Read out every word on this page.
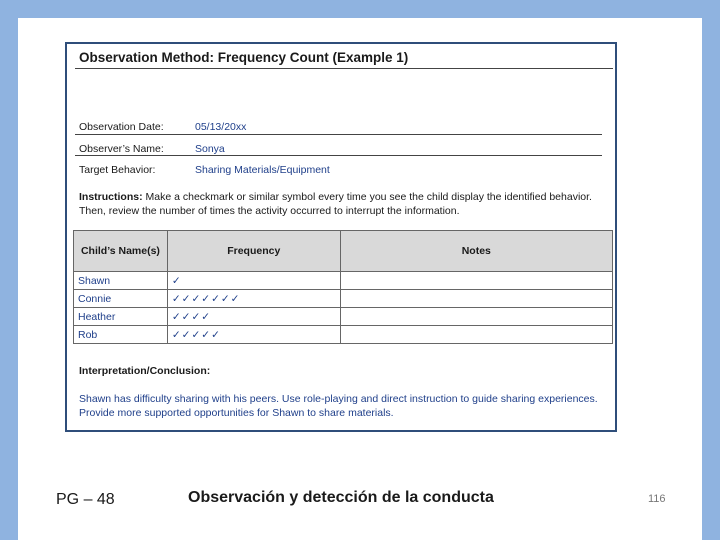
Observation Method: Frequency Count (Example 1)
Observation Date:	05/13/20xx
Observer’s Name:	Sonya
Target Behavior:	Sharing Materials/Equipment
Instructions: Make a checkmark or similar symbol every time you see the child display the identified behavior. Then, review the number of times the activity occurred to interrupt the information.
Child’s Name(s)	Frequency	Notes
Shawn	✓	
Connie	✓✓✓✓✓✓✓	
Heather	✓✓✓✓	
Rob	✓✓✓✓✓	
Interpretation/Conclusion:
Shawn has difficulty sharing with his peers. Use role-playing and direct instruction to guide sharing experiences. Provide more supported opportunities for Shawn to share materials.
PG – 48	Observación y detección de la conducta	116
